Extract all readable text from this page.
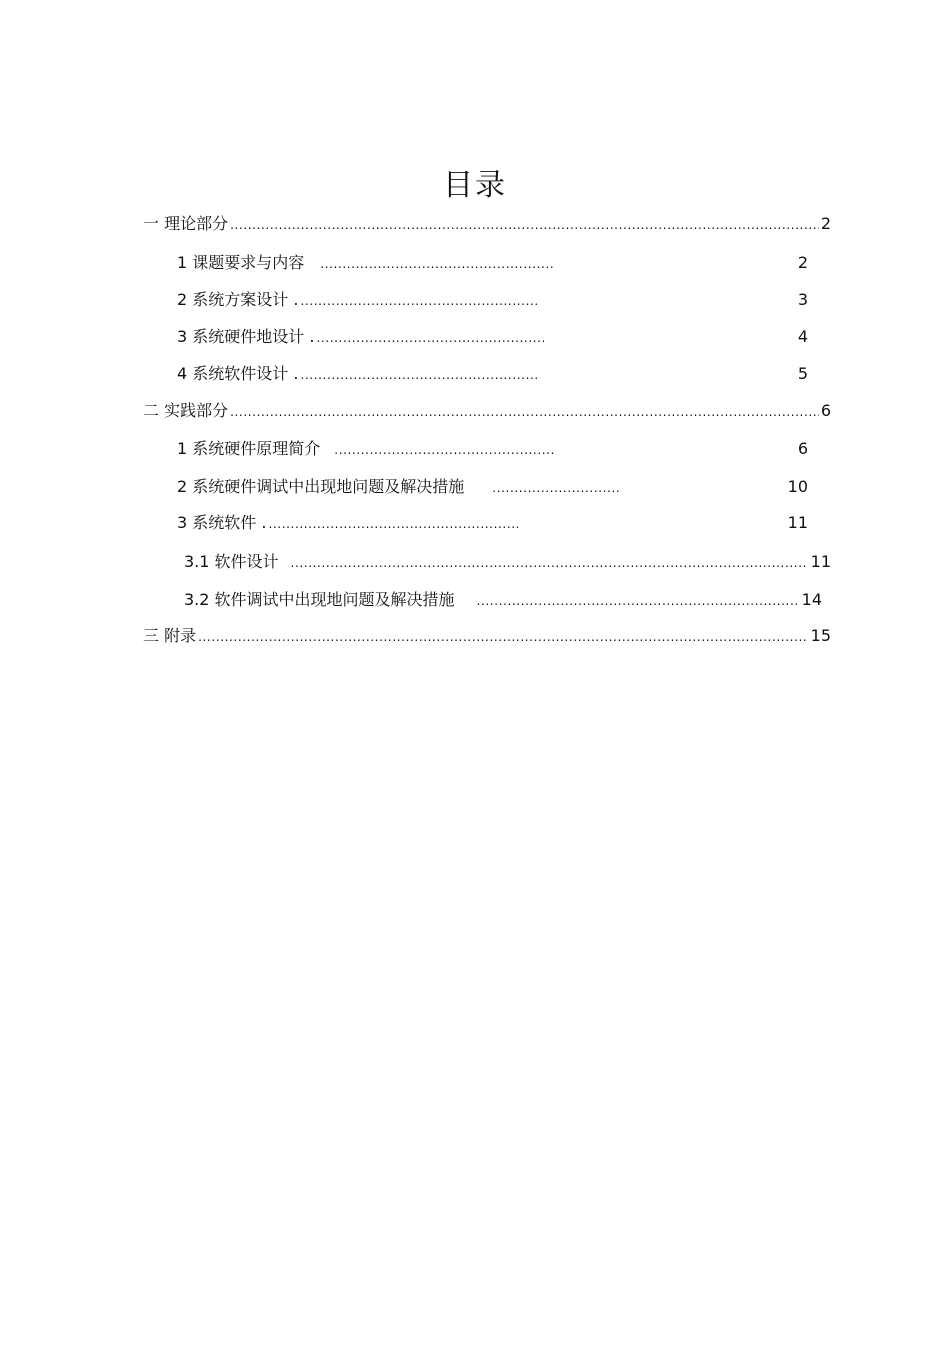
目录
一 理论部分 .....	2
1 课题要求与内容 .....	2
2 系统方案设计 . .....	3
3 系统硬件地设计 . .....	4
4 系统软件设计 . .....	5
二 实践部分 .....	6
1 系统硬件原理简介 .....	6
2 系统硬件调试中出现地问题及解决措施 .....	10
3 系统软件 . .....	11
3.1 软件设计 .....	11
3.2 软件调试中出现地问题及解决措施 .....	14
三 附录 .....	15
